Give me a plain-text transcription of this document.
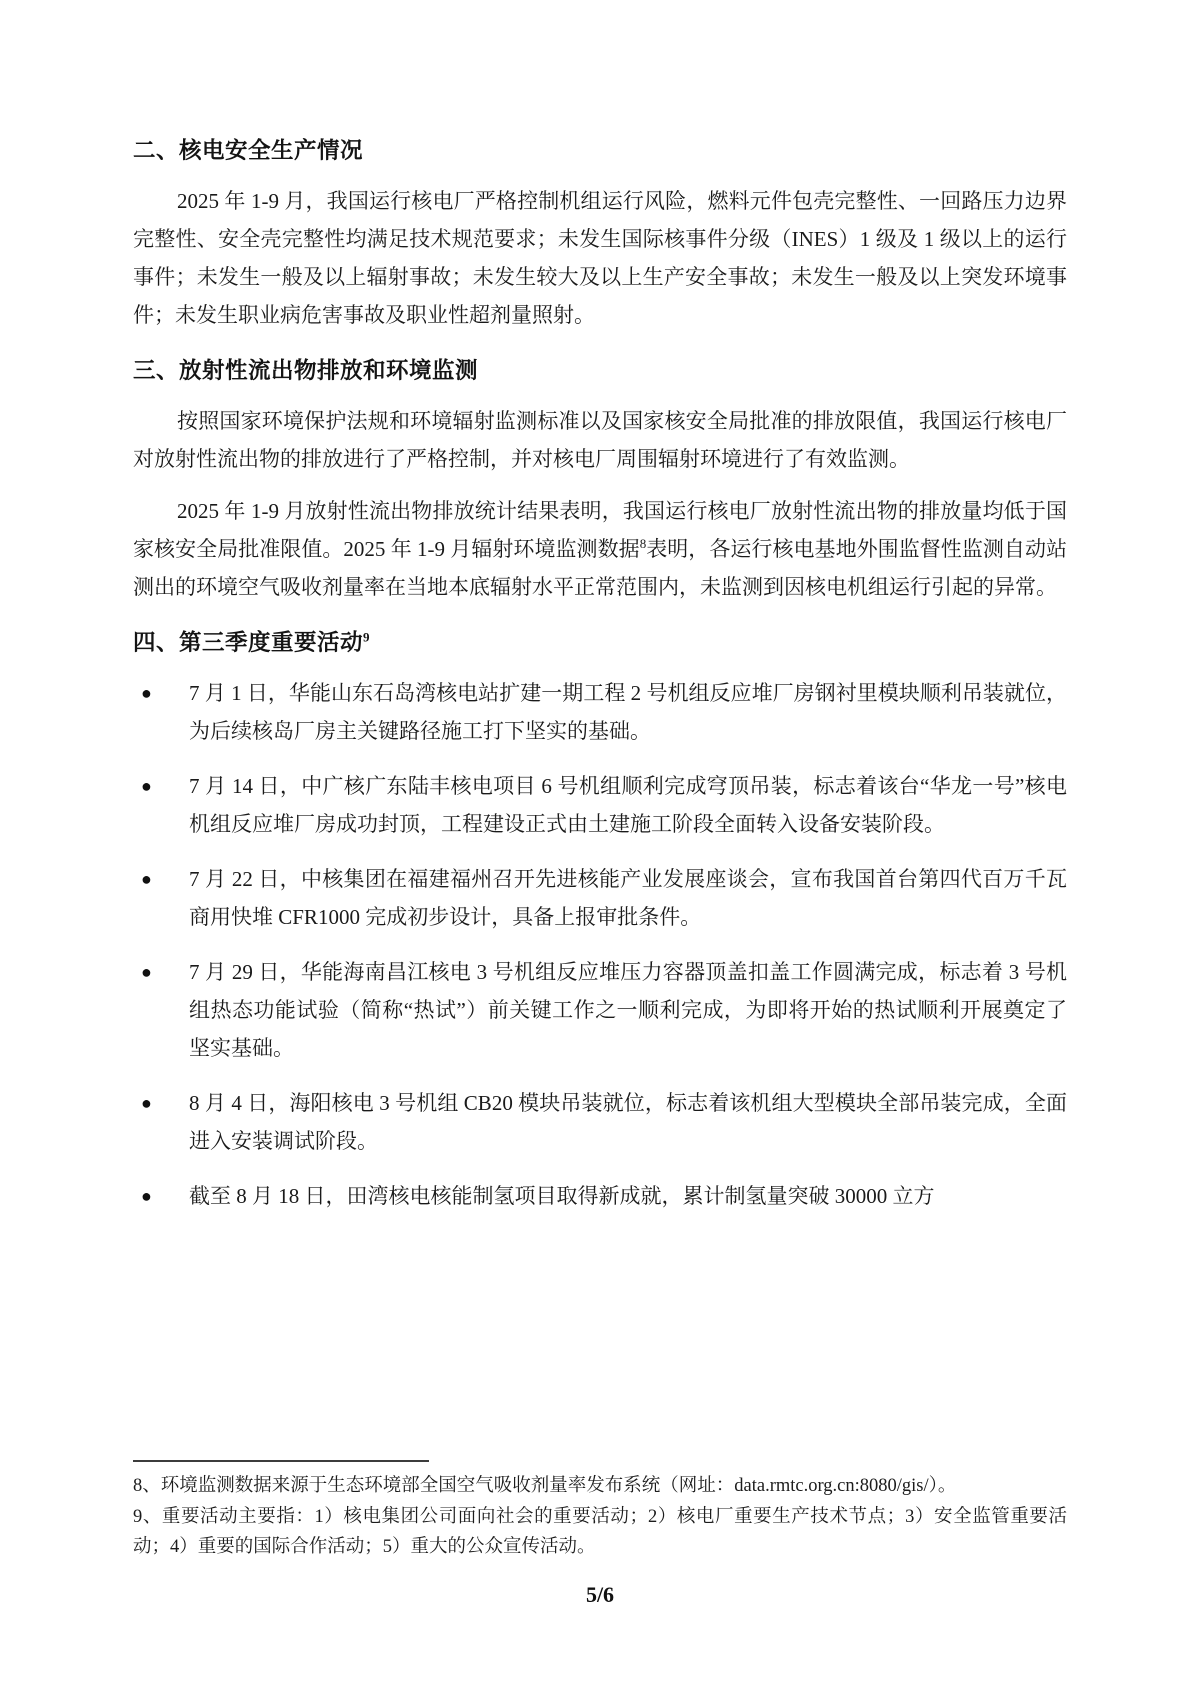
二、核电安全生产情况

2025 年 1-9 月，我国运行核电厂严格控制机组运行风险，燃料元件包壳完整性、一回路压力边界完整性、安全壳完整性均满足技术规范要求；未发生国际核事件分级（INES）1 级及 1 级以上的运行事件；未发生一般及以上辐射事故；未发生较大及以上生产安全事故；未发生一般及以上突发环境事件；未发生职业病危害事故及职业性超剂量照射。

三、放射性流出物排放和环境监测

按照国家环境保护法规和环境辐射监测标准以及国家核安全局批准的排放限值，我国运行核电厂对放射性流出物的排放进行了严格控制，并对核电厂周围辐射环境进行了有效监测。

2025 年 1-9 月放射性流出物排放统计结果表明，我国运行核电厂放射性流出物的排放量均低于国家核安全局批准限值。2025 年 1-9 月辐射环境监测数据$^8$表明，各运行核电基地外围监督性监测自动站测出的环境空气吸收剂量率在当地本底辐射水平正常范围内，未监测到因核电机组运行引起的异常。

四、第三季度重要活动$^9$
● 7 月 1 日，华能山东石岛湾核电站扩建一期工程 2 号机组反应堆厂房钢衬里模块顺利吊装就位，为后续核岛厂房主关键路径施工打下坚实的基础。
● 7 月 14 日，中广核广东陆丰核电项目 6 号机组顺利完成穹顶吊装，标志着该台“华龙一号”核电机组反应堆厂房成功封顶，工程建设正式由土建施工阶段全面转入设备安装阶段。
● 7 月 22 日，中核集团在福建福州召开先进核能产业发展座谈会，宣布我国首台第四代百万千瓦商用快堆 CFR1000 完成初步设计，具备上报审批条件。
● 7 月 29 日，华能海南昌江核电 3 号机组反应堆压力容器顶盖扣盖工作圆满完成，标志着 3 号机组热态功能试验（简称“热试”）前关键工作之一顺利完成，为即将开始的热试顺利开展奠定了坚实基础。
● 8 月 4 日，海阳核电 3 号机组 CB20 模块吊装就位，标志着该机组大型模块全部吊装完成，全面进入安装调试阶段。
● 截至 8 月 18 日，田湾核电核能制氢项目取得新成就，累计制氢量突破 30000 立方

8、环境监测数据来源于生态环境部全国空气吸收剂量率发布系统（网址：data.rmtc.org.cn:8080/gis/）。

9、重要活动主要指：1）核电集团公司面向社会的重要活动；2）核电厂重要生产技术节点；3）安全监管重要活动；4）重要的国际合作活动；5）重大的公众宣传活动。

5/6
